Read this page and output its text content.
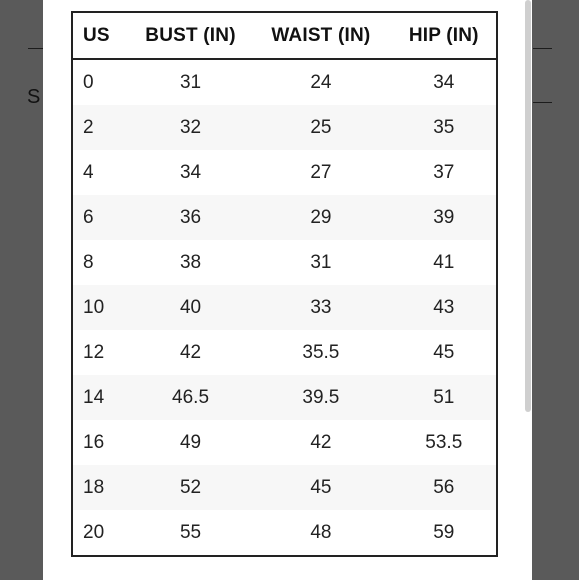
S
US	BUST (IN)	WAIST (IN)	HIP (IN)
0	31	24	34
2	32	25	35
4	34	27	37
6	36	29	39
8	38	31	41
10	40	33	43
12	42	35.5	45
14	46.5	39.5	51
16	49	42	53.5
18	52	45	56
20	55	48	59
